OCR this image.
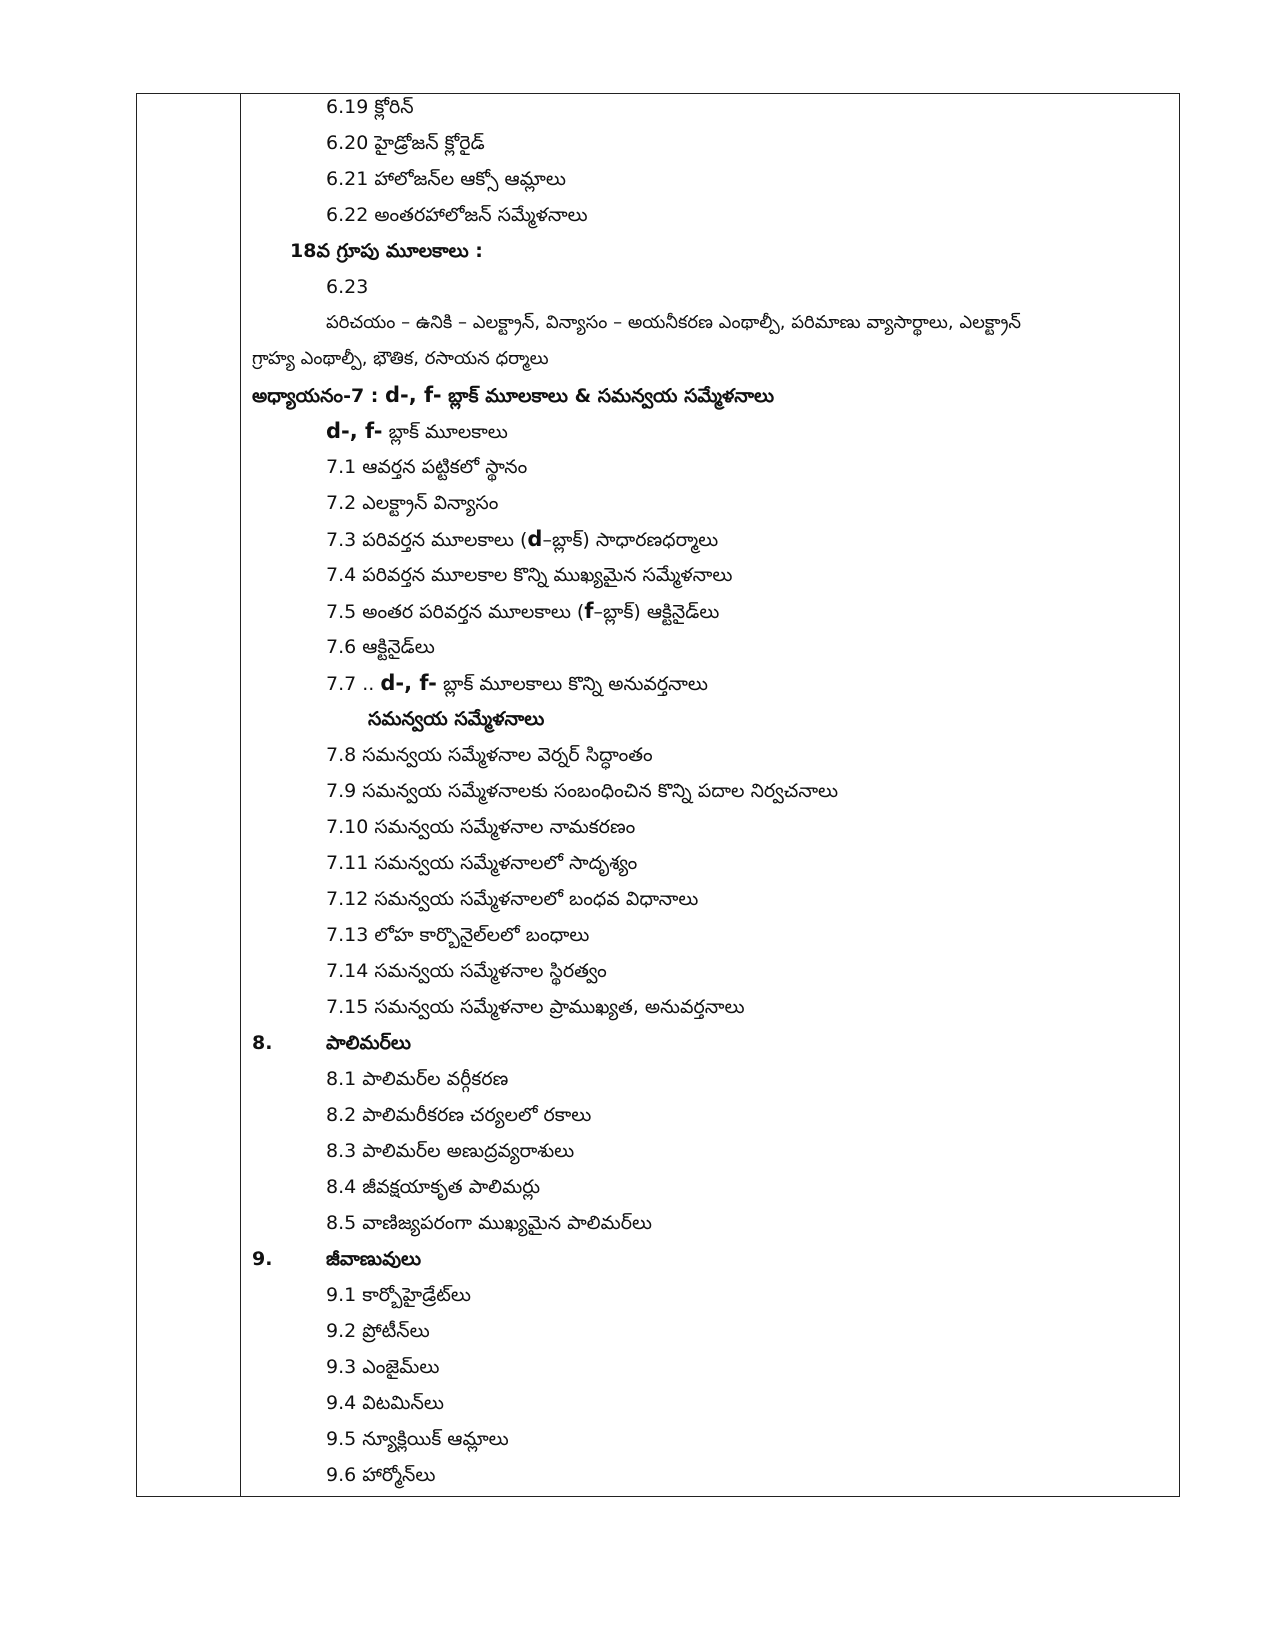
6.19 క్లోరిన్
6.20 హైడ్రోజన్ క్లోరైడ్
6.21 హాలోజన్‌ల ఆక్సో ఆమ్లాలు
6.22 అంతరహాలోజన్ సమ్మేళనాలు
18వ గ్రూపు మూలకాలు :
6.23
పరిచయం – ఉనికి – ఎలక్ట్రాన్, విన్యాసం – అయనీకరణ ఎంథాల్పీ, పరిమాణు వ్యాసార్థాలు, ఎలక్ట్రాన్
గ్రాహ్య ఎంథాల్పీ, భౌతిక, రసాయన ధర్మాలు
అధ్యాయనం-7 : d-, f- బ్లాక్ మూలకాలు & సమన్వయ సమ్మేళనాలు
d-, f- బ్లాక్ మూలకాలు
7.1 ఆవర్తన పట్టికలో స్థానం
7.2 ఎలక్ట్రాన్ విన్యాసం
7.3 పరివర్తన మూలకాలు (d–బ్లాక్) సాధారణధర్మాలు
7.4 పరివర్తన మూలకాల కొన్ని ముఖ్యమైన సమ్మేళనాలు
7.5 అంతర పరివర్తన మూలకాలు (f–బ్లాక్) ఆక్టినైడ్‌లు
7.6 ఆక్టినైడ్‌లు
7.7 .. d-, f- బ్లాక్ మూలకాలు కొన్ని అనువర్తనాలు
సమన్వయ సమ్మేళనాలు
7.8 సమన్వయ సమ్మేళనాల వెర్నర్ సిద్ధాంతం
7.9 సమన్వయ సమ్మేళనాలకు సంబంధించిన కొన్ని పదాల నిర్వచనాలు
7.10 సమన్వయ సమ్మేళనాల నామకరణం
7.11 సమన్వయ సమ్మేళనాలలో సాదృశ్యం
7.12 సమన్వయ సమ్మేళనాలలో బంధవ విధానాలు
7.13 లోహ కార్బొనైల్‌లలో బంధాలు
7.14 సమన్వయ సమ్మేళనాల స్థిరత్వం
7.15 సమన్వయ సమ్మేళనాల ప్రాముఖ్యత, అనువర్తనాలు
8.	పాలిమర్‌లు
8.1 పాలిమర్‌ల వర్గీకరణ
8.2 పాలిమరీకరణ చర్యలలో రకాలు
8.3 పాలిమర్‌ల అణుద్రవ్యరాశులు
8.4 జీవక్షయాకృత పాలిమర్లు
8.5 వాణిజ్యపరంగా ముఖ్యమైన పాలిమర్‌లు
9.	జీవాణువులు
9.1 కార్బోహైడ్రేట్‌లు
9.2 ప్రోటీన్‌లు
9.3 ఎంజైమ్‌లు
9.4 విటమిన్‌లు
9.5 న్యూక్లియిక్ ఆమ్లాలు
9.6 హార్మోన్‌లు
